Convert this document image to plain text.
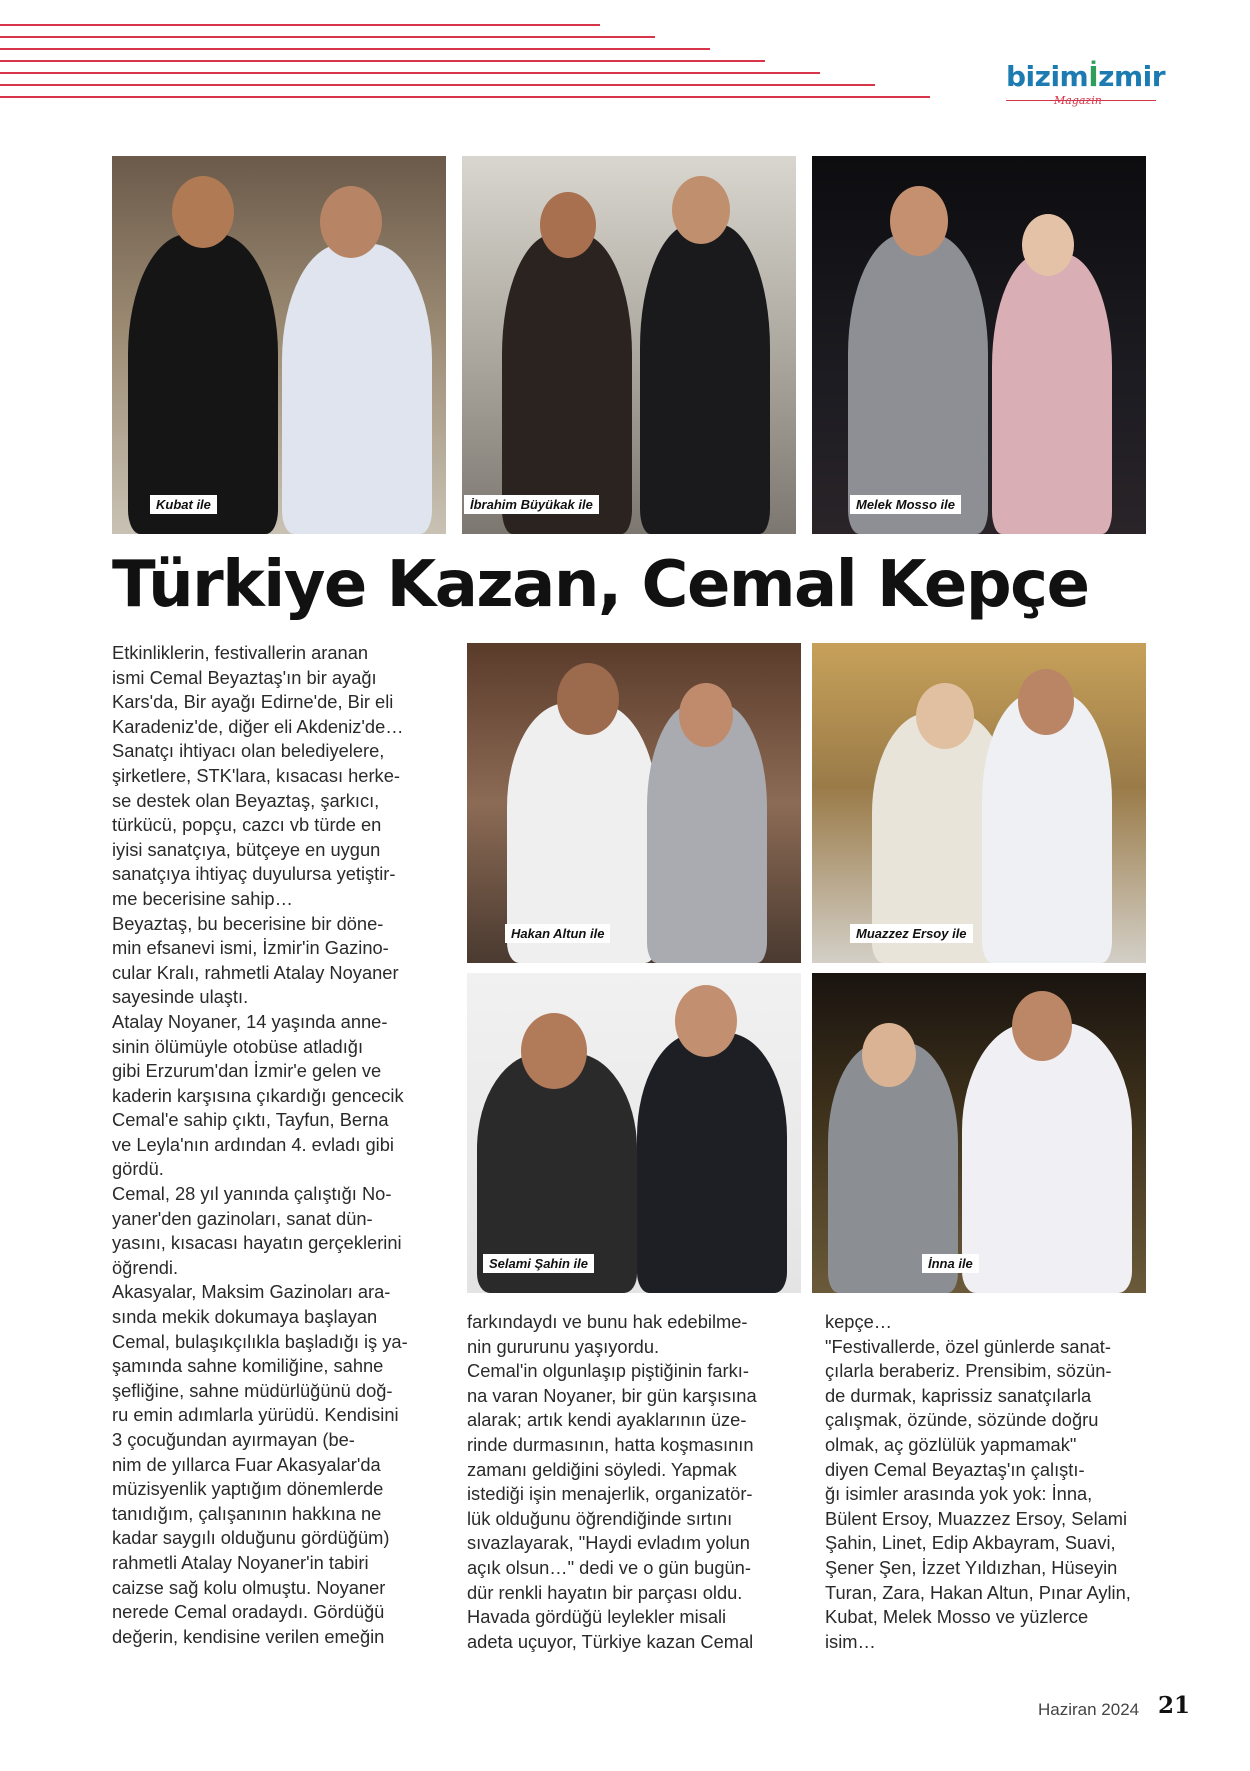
bizimİzmir
Magazin
Kubat ile	İbrahim Büyükak ile	Melek Mosso ile
Türkiye Kazan, Cemal Kepçe
Hakan Altun ile	Muazzez Ersoy ile
Selami Şahin ile	İnna ile

Etkinliklerin, festivallerin aranan

ismi Cemal Beyaztaş'ın bir ayağı

Kars'da, Bir ayağı Edirne'de, Bir eli

Karadeniz'de, diğer eli Akdeniz'de…

Sanatçı ihtiyacı olan belediyelere,

şirketlere, STK'lara, kısacası herke-

se destek olan Beyaztaş, şarkıcı,

türkücü, popçu, cazcı vb türde en

iyisi sanatçıya, bütçeye en uygun

sanatçıya ihtiyaç duyulursa yetiştir-

me becerisine sahip…

Beyaztaş, bu becerisine bir döne-

min efsanevi ismi, İzmir'in Gazino-

cular Kralı, rahmetli Atalay Noyaner

sayesinde ulaştı.

Atalay Noyaner, 14 yaşında anne-

sinin ölümüyle otobüse atladığı

gibi Erzurum'dan İzmir'e gelen ve

kaderin karşısına çıkardığı gencecik

Cemal'e sahip çıktı, Tayfun, Berna

ve Leyla'nın ardından 4. evladı gibi

gördü.

Cemal, 28 yıl yanında çalıştığı No-

yaner'den gazinoları, sanat dün-

yasını, kısacası hayatın gerçeklerini

öğrendi.

Akasyalar, Maksim Gazinoları ara-

sında mekik dokumaya başlayan

Cemal, bulaşıkçılıkla başladığı iş ya-

şamında sahne komiliğine, sahne

şefliğine, sahne müdürlüğünü doğ-

ru emin adımlarla yürüdü. Kendisini

3 çocuğundan ayırmayan (be-

nim de yıllarca Fuar Akasyalar'da

müzisyenlik yaptığım dönemlerde

tanıdığım, çalışanının hakkına ne

kadar saygılı olduğunu gördüğüm)

rahmetli Atalay Noyaner'in tabiri

caizse sağ kolu olmuştu. Noyaner

nerede Cemal oradaydı. Gördüğü

değerin, kendisine verilen emeğin

farkındaydı ve bunu hak edebilme-

nin gururunu yaşıyordu.

Cemal'in olgunlaşıp piştiğinin farkı-

na varan Noyaner, bir gün karşısına

alarak; artık kendi ayaklarının üze-

rinde durmasının, hatta koşmasının

zamanı geldiğini söyledi. Yapmak

istediği işin menajerlik, organizatör-

lük olduğunu öğrendiğinde sırtını

sıvazlayarak, "Haydi evladım yolun

açık olsun…" dedi ve o gün bugün-

dür renkli hayatın bir parçası oldu.

Havada gördüğü leylekler misali

adeta uçuyor, Türkiye kazan Cemal

kepçe…

"Festivallerde, özel günlerde sanat-

çılarla beraberiz. Prensibim, sözün-

de durmak, kaprissiz sanatçılarla

çalışmak, özünde, sözünde doğru

olmak, aç gözlülük yapmamak"

diyen Cemal Beyaztaş'ın çalıştı-

ğı isimler arasında yok yok: İnna,

Bülent Ersoy, Muazzez Ersoy, Selami

Şahin, Linet, Edip Akbayram, Suavi,

Şener Şen, İzzet Yıldızhan, Hüseyin

Turan, Zara, Hakan Altun, Pınar Aylin,

Kubat, Melek Mosso ve yüzlerce

isim…

Haziran 2024 21
